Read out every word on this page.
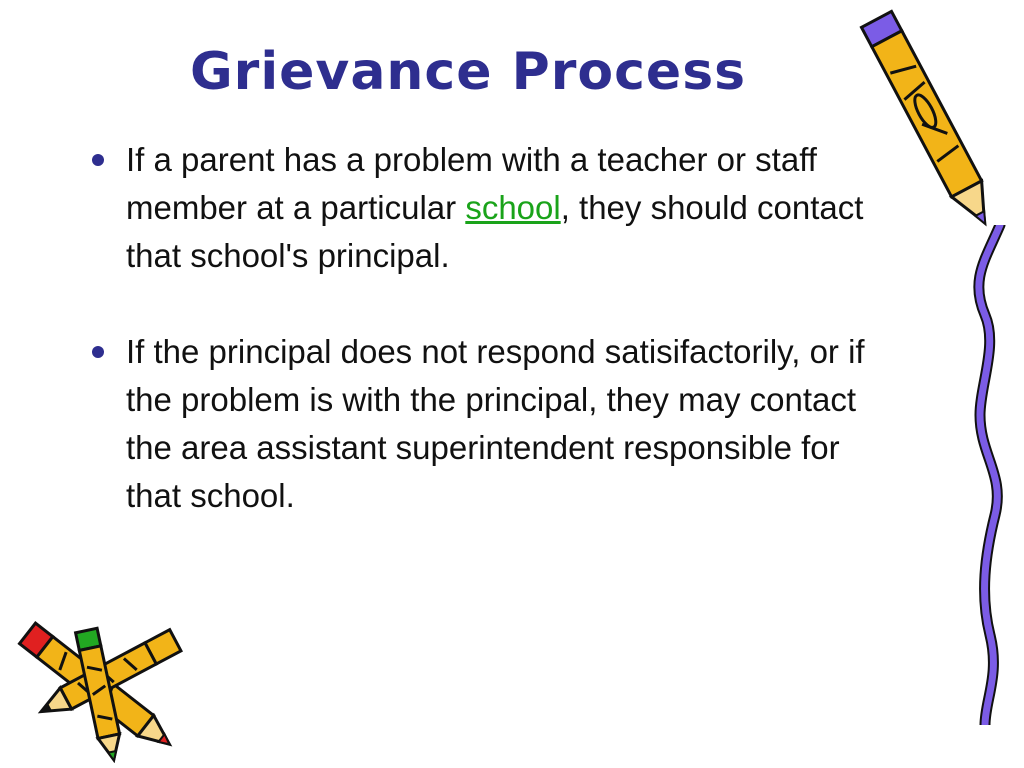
Grievance Process
If a parent has a problem with a teacher or staff member at a particular school, they should contact that school's principal.
If the principal does not respond satisifactorily, or if the problem is with the principal, they may contact the area assistant superintendent responsible for that school.
